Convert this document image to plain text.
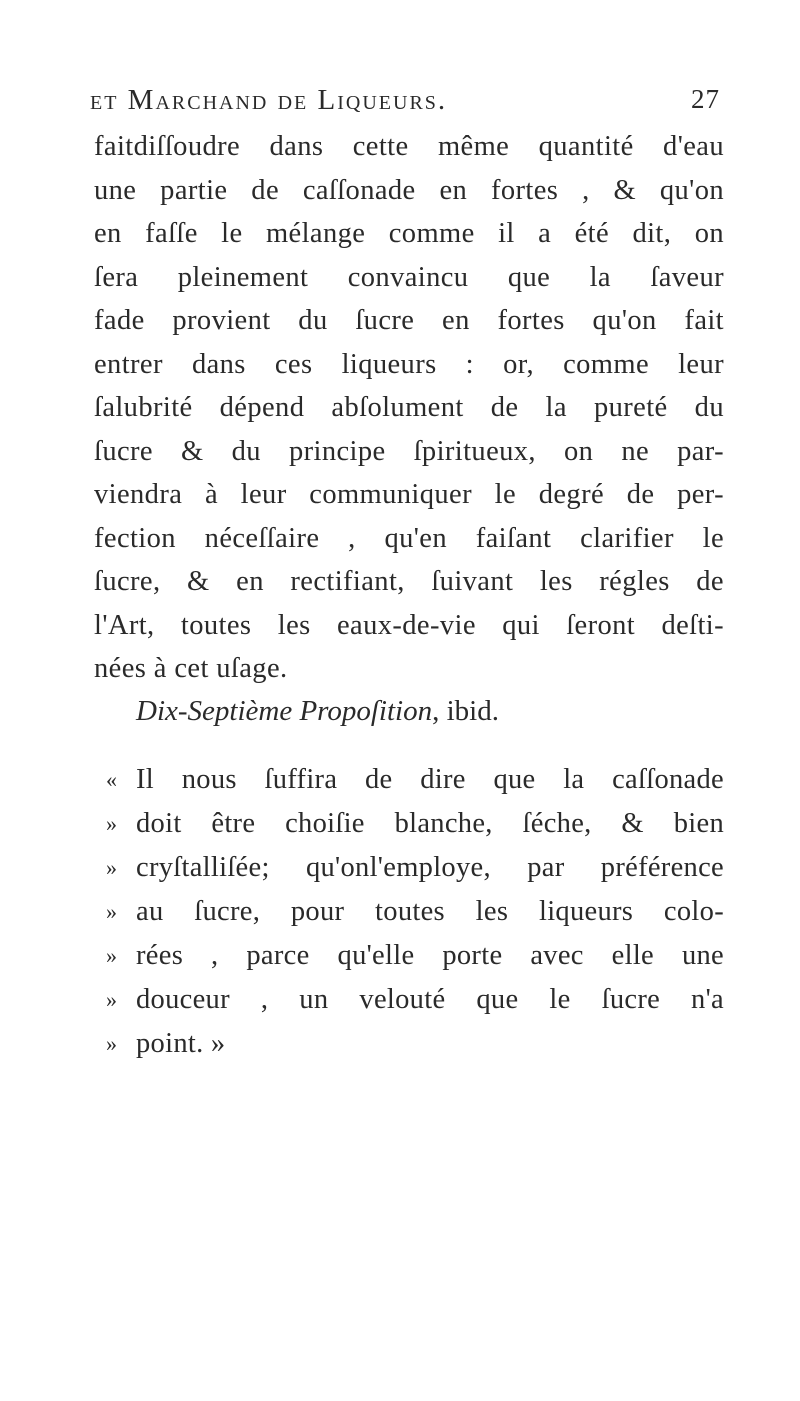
et Marchand de Liqueurs.	27
faitdiſſoudre dans cette même quantité d'eau
une partie de caſſonade en fortes , & qu'on
en faſſe le mélange comme il a été dit, on
ſera pleinement convaincu que la ſaveur
fade provient du ſucre en fortes qu'on fait
entrer dans ces liqueurs : or, comme leur
ſalubrité dépend abſolument de la pureté du
ſucre & du principe ſpiritueux, on ne par-
viendra à leur communiquer le degré de per-
fection néceſſaire , qu'en faiſant clarifier le
ſucre, & en rectifiant, ſuivant les régles de
l'Art, toutes les eaux-de-vie qui ſeront deſti-
nées à cet uſage.
Dix-Septième Propoſition, ibid.
« Il nous ſuffira de dire que la caſſonade
» doit être choiſie blanche, ſéche, & bien
» cryſtalliſée; qu'onl'employe, par préférence
» au ſucre, pour toutes les liqueurs colo-
» rées , parce qu'elle porte avec elle une
» douceur , un velouté que le ſucre n'a
» point. »
